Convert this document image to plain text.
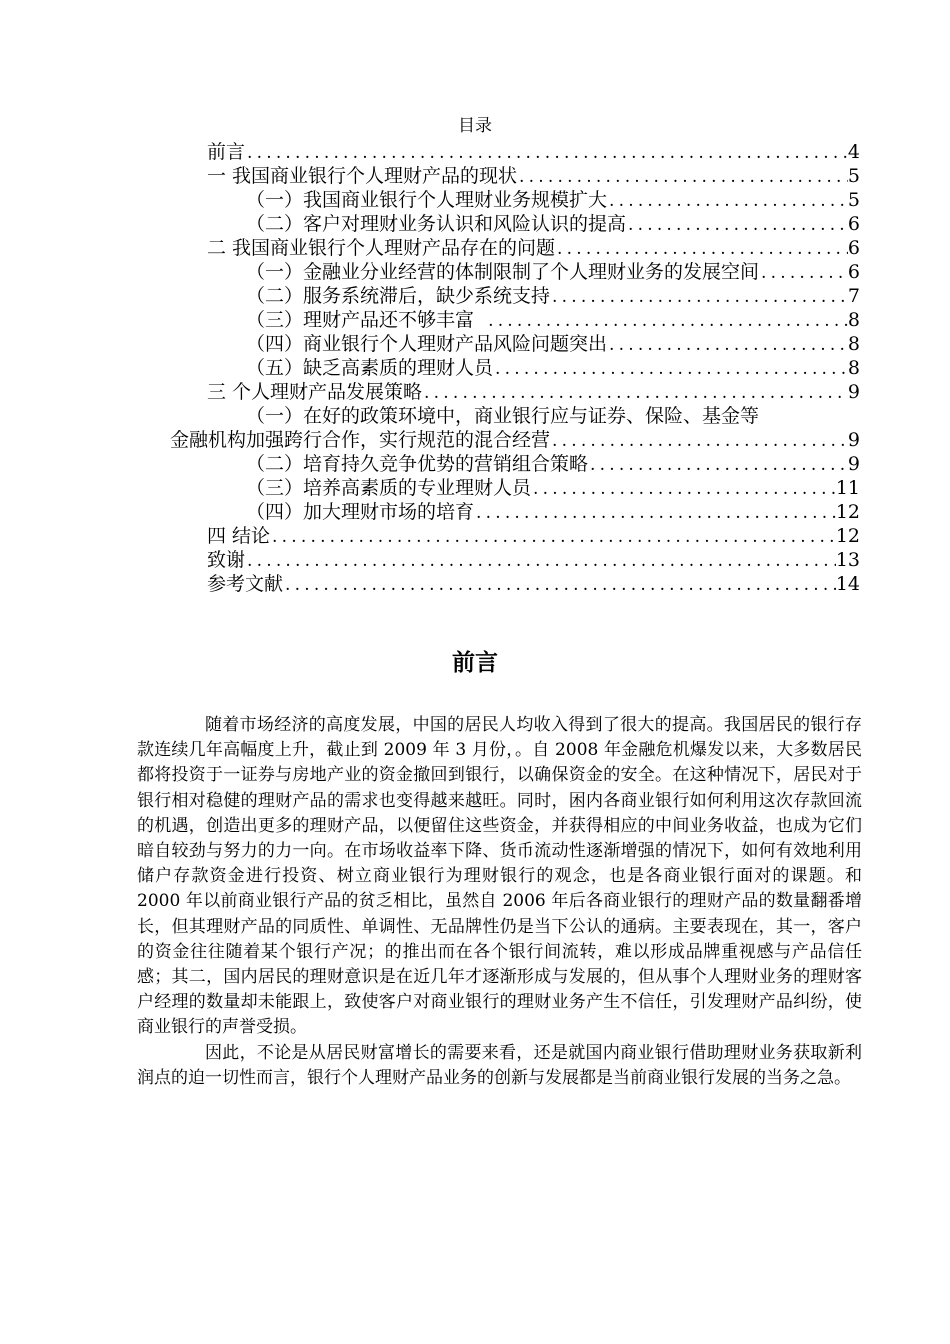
目录
前言 .....	4
一 我国商业银行个人理财产品的现状 .....	5
（一）我国商业银行个人理财业务规模扩大 .....	5
（二）客户对理财业务认识和风险认识的提高 .....	6
二 我国商业银行个人理财产品存在的问题 .....	6
（一）金融业分业经营的体制限制了个人理财业务的发展空间 .....	6
（二）服务系统滞后，缺少系统支持 .....	7
（三）理财产品还不够丰富 .....	8
（四）商业银行个人理财产品风险问题突出 .....	8
（五）缺乏高素质的理财人员 .....	8
三 个人理财产品发展策略 .....	9
（一）在好的政策环境中，商业银行应与证券、保险、基金等
金融机构加强跨行合作，实行规范的混合经营 .....	9
（二）培育持久竞争优势的营销组合策略 .....	9
（三）培养高素质的专业理财人员 .....	11
（四）加大理财市场的培育 .....	12
四 结论 .....	12
致谢 .....	13
参考文献 .....	14
前言

随着市场经济的高度发展，中国的居民人均收入得到了很大的提高。我国居民的银行存款连续几年高幅度上升，截止到 2009 年 3 月份，。自 2008 年金融危机爆发以来，大多数居民都将投资于一证券与房地产业的资金撤回到银行，以确保资金的安全。在这种情况下，居民对于银行相对稳健的理财产品的需求也变得越来越旺。同时，困内各商业银行如何利用这次存款回流的机遇，创造出更多的理财产品，以便留住这些资金，并获得相应的中间业务收益，也成为它们暗自较劲与努力的力一向。在市场收益率下降、货币流动性逐渐增强的情况下，如何有效地利用储户存款资金进行投资、树立商业银行为理财银行的观念，也是各商业银行面对的课题。和 2000 年以前商业银行产品的贫乏相比，虽然自 2006 年后各商业银行的理财产品的数量翻番增长，但其理财产品的同质性、单调性、无品牌性仍是当下公认的通病。主要表现在，其一，客户的资金往往随着某个银行产况；的推出而在各个银行间流转，难以形成品牌重视感与产品信任感；其二，国内居民的理财意识是在近几年才逐渐形成与发展的，但从事个人理财业务的理财客户经理的数量却未能跟上，致使客户对商业银行的理财业务产生不信任，引发理财产品纠纷，使商业银行的声誉受损。

因此，不论是从居民财富增长的需要来看，还是就国内商业银行借助理财业务获取新利润点的迫一切性而言，银行个人理财产品业务的创新与发展都是当前商业银行发展的当务之急。
